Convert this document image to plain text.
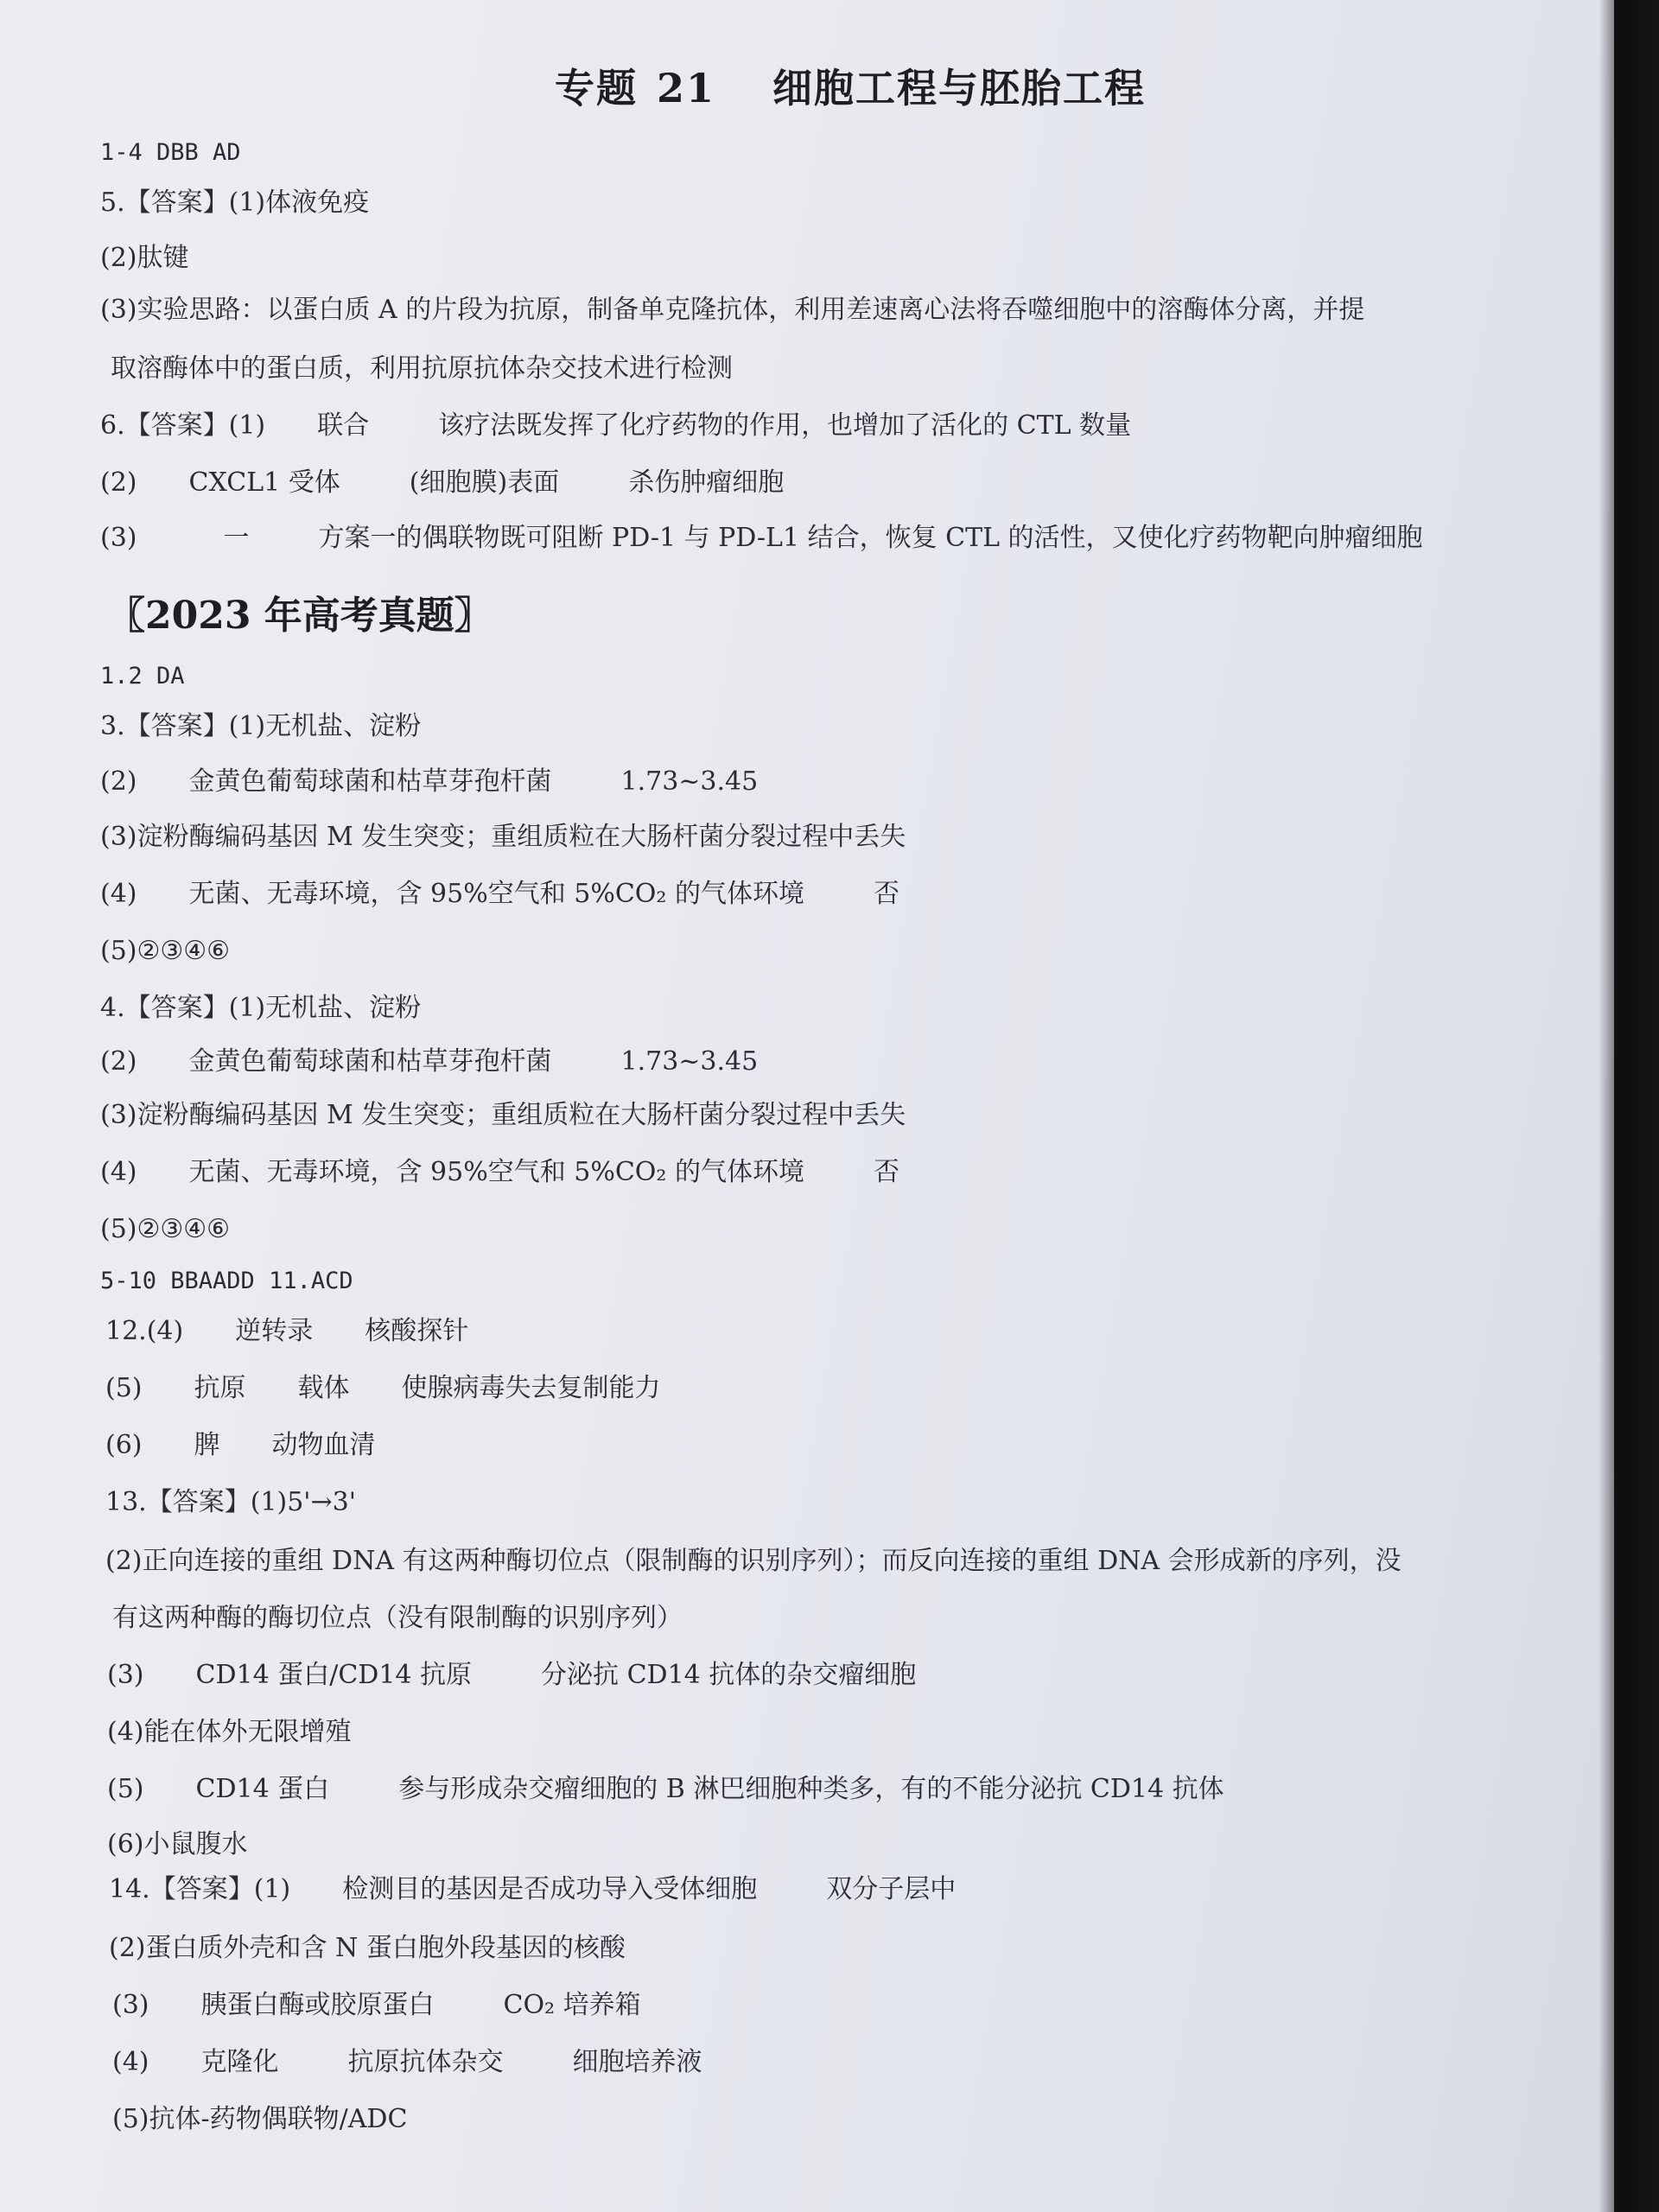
专题 21 细胞工程与胚胎工程
1-4 DBB AD
5.【答案】(1)体液免疫
(2)肽键
(3)实验思路：以蛋白质 A 的片段为抗原，制备单克隆抗体，利用差速离心法将吞噬细胞中的溶酶体分离，并提
取溶酶体中的蛋白质，利用抗原抗体杂交技术进行检测
6.【答案】(1) 联合	该疗法既发挥了化疗药物的作用，也增加了活化的 CTL 数量
(2) CXCL1 受体	(细胞膜)表面	杀伤肿瘤细胞
(3)	一	方案一的偶联物既可阻断 PD-1 与 PD-L1 结合，恢复 CTL 的活性，又使化疗药物靶向肿瘤细胞
〖2023 年高考真题〗
1.2 DA
3.【答案】(1)无机盐、淀粉
(2) 金黄色葡萄球菌和枯草芽孢杆菌	1.73~3.45
(3)淀粉酶编码基因 M 发生突变；重组质粒在大肠杆菌分裂过程中丢失
(4) 无菌、无毒环境，含 95%空气和 5%CO₂ 的气体环境	否
(5)②③④⑥
4.【答案】(1)无机盐、淀粉
(2) 金黄色葡萄球菌和枯草芽孢杆菌	1.73~3.45
(3)淀粉酶编码基因 M 发生突变；重组质粒在大肠杆菌分裂过程中丢失
(4) 无菌、无毒环境，含 95%空气和 5%CO₂ 的气体环境	否
(5)②③④⑥
5-10 BBAADD 11.ACD
12.(4) 逆转录 核酸探针
(5) 抗原 载体 使腺病毒失去复制能力
(6) 脾 动物血清
13.【答案】(1)5'→3'
(2)正向连接的重组 DNA 有这两种酶切位点（限制酶的识别序列）；而反向连接的重组 DNA 会形成新的序列，没
有这两种酶的酶切位点（没有限制酶的识别序列）
(3) CD14 蛋白/CD14 抗原	分泌抗 CD14 抗体的杂交瘤细胞
(4)能在体外无限增殖
(5) CD14 蛋白	参与形成杂交瘤细胞的 B 淋巴细胞种类多，有的不能分泌抗 CD14 抗体
(6)小鼠腹水
14.【答案】(1) 检测目的基因是否成功导入受体细胞	双分子层中
(2)蛋白质外壳和含 N 蛋白胞外段基因的核酸
(3) 胰蛋白酶或胶原蛋白	CO₂ 培养箱
(4) 克隆化	抗原抗体杂交	细胞培养液
(5)抗体-药物偶联物/ADC
